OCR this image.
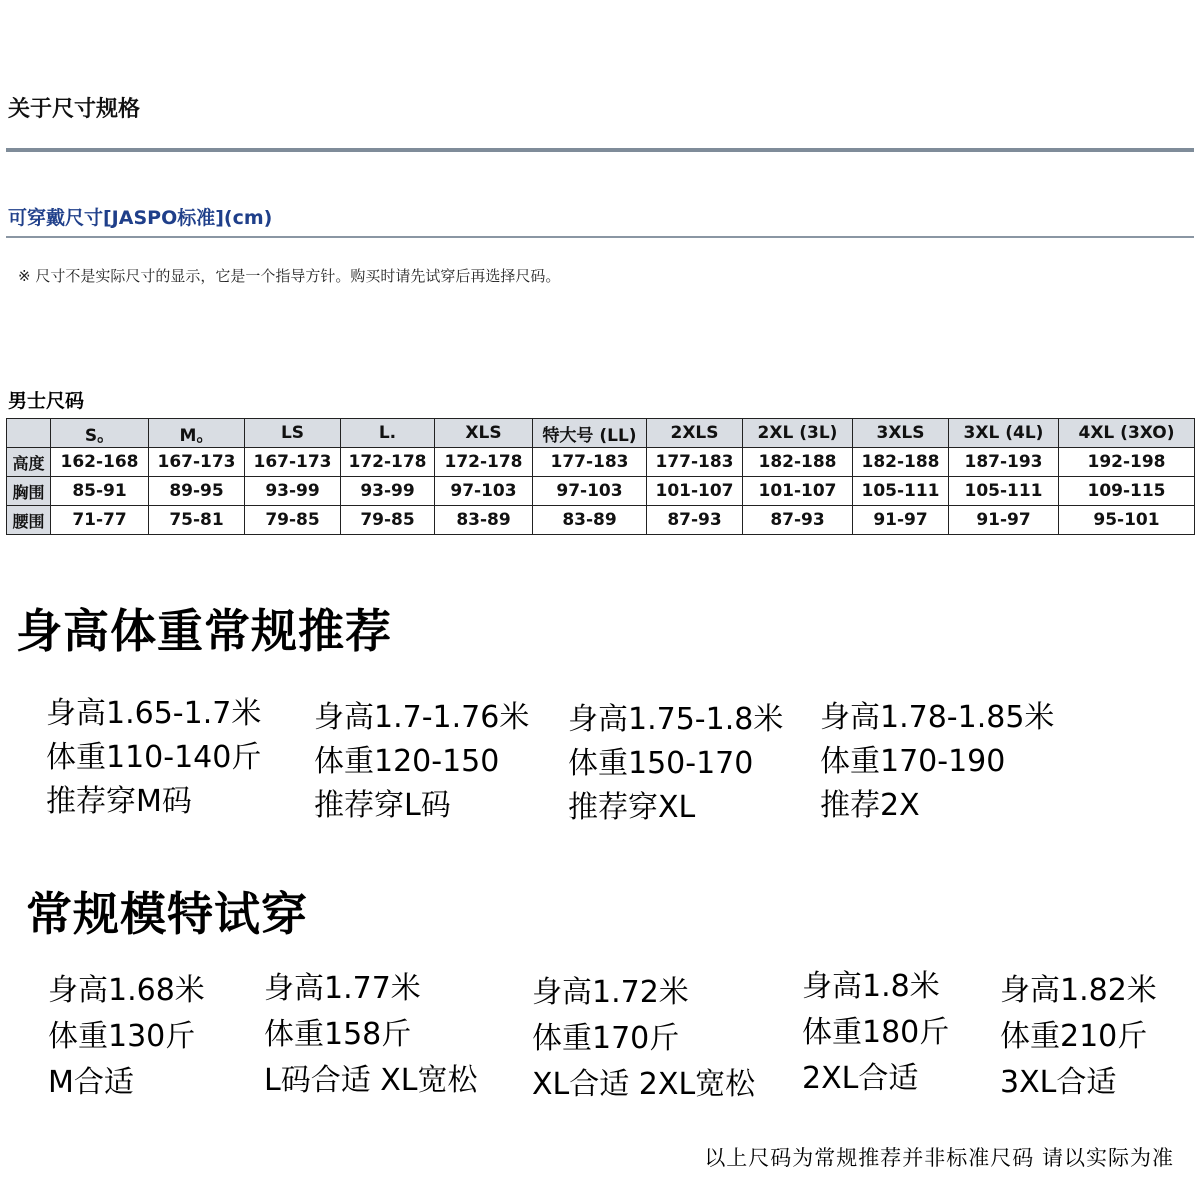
关于尺寸规格
可穿戴尺寸[JASPO标准](cm)
※ 尺寸不是实际尺寸的显示，它是一个指导方针。购买时请先试穿后再选择尺码。
男士尺码
	S。	M。	LS	L.	XLS	特大号 (LL)	2XLS	2XL (3L)	3XLS	3XL (4L)	4XL (3XO)
高度	162-168	167-173	167-173	172-178	172-178	177-183	177-183	182-188	182-188	187-193	192-198
胸围	85-91	89-95	93-99	93-99	97-103	97-103	101-107	101-107	105-111	105-111	109-115
腰围	71-77	75-81	79-85	79-85	83-89	83-89	87-93	87-93	91-97	91-97	95-101
身高体重常规推荐
身高1.65-1.7米
体重110-140斤
推荐穿M码
身高1.7-1.76米
体重120-150
推荐穿L码
身高1.75-1.8米
体重150-170
推荐穿XL
身高1.78-1.85米
体重170-190
推荐2X
常规模特试穿
身高1.68米
体重130斤
M合适
身高1.77米
体重158斤
L码合适 XL宽松
身高1.72米
体重170斤
XL合适 2XL宽松
身高1.8米
体重180斤
2XL合适
身高1.82米
体重210斤
3XL合适
以上尺码为常规推荐并非标准尺码 请以实际为准
